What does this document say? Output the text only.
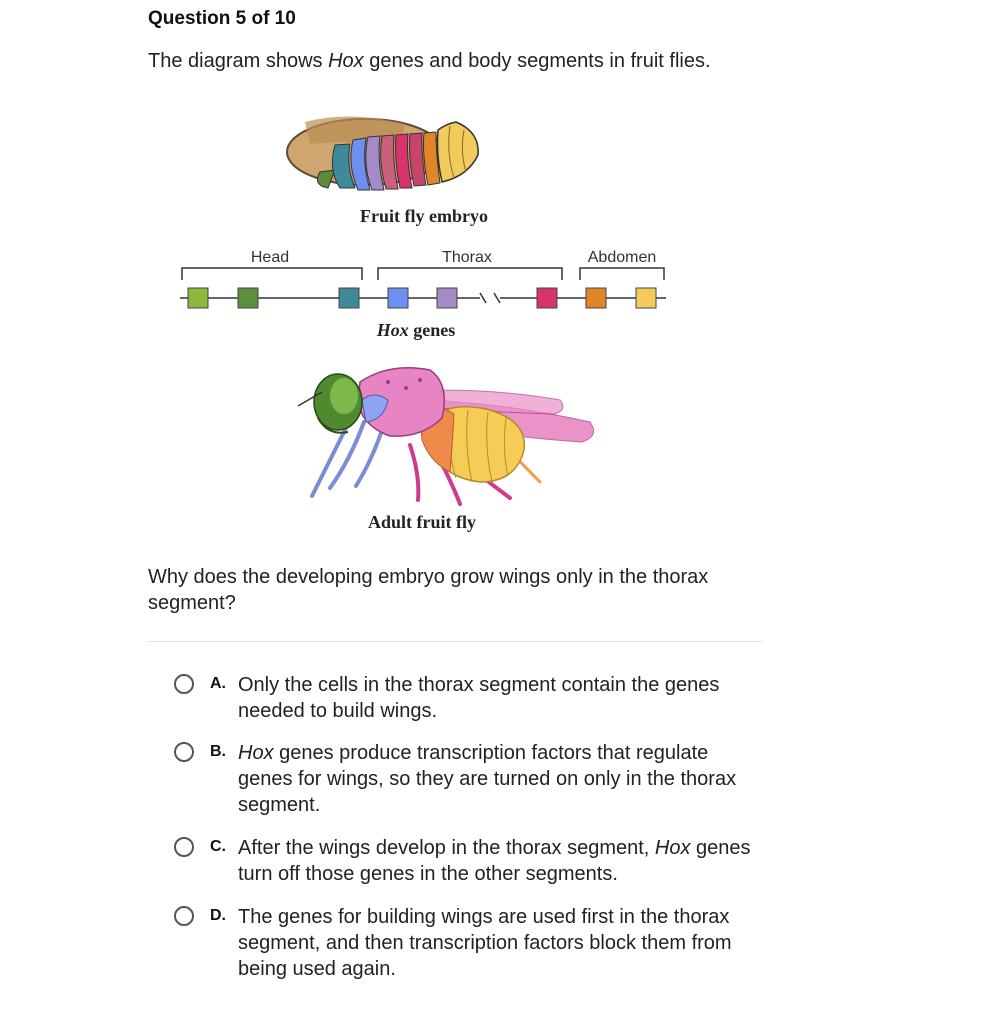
Question 5 of 10
The diagram shows Hox genes and body segments in fruit flies.
Fruit fly embryo
Head	Thorax	Abdomen
Hox genes
Adult fruit fly
Why does the developing embryo grow wings only in the thorax segment?
A. Only the cells in the thorax segment contain the genes needed to build wings.
B. Hox genes produce transcription factors that regulate genes for wings, so they are turned on only in the thorax segment.
C. After the wings develop in the thorax segment, Hox genes turn off those genes in the other segments.
D. The genes for building wings are used first in the thorax segment, and then transcription factors block them from being used again.
